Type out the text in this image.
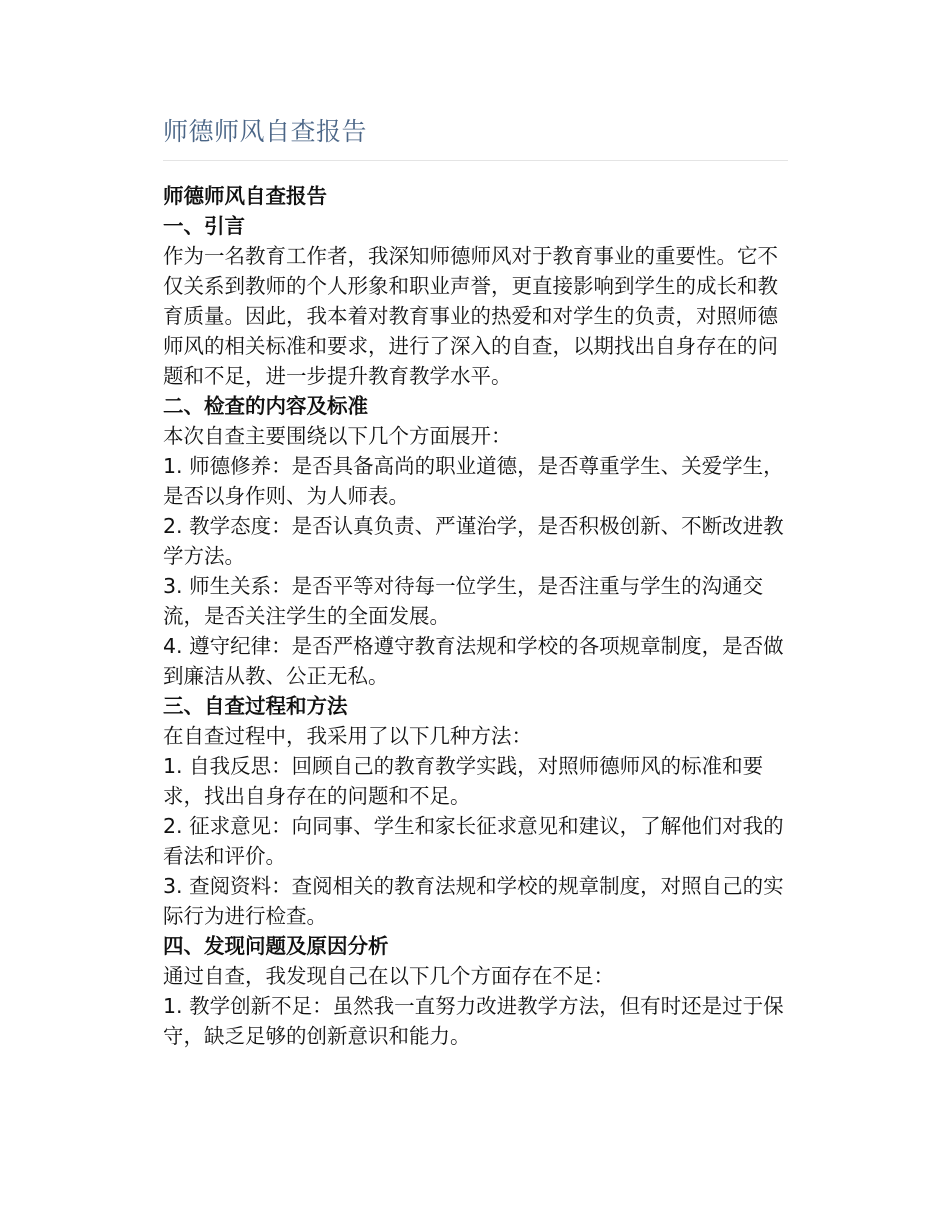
师德师风自查报告

师德师风自查报告

一、引言

作为一名教育工作者，我深知师德师风对于教育事业的重要性。它不仅关系到教师的个人形象和职业声誉，更直接影响到学生的成长和教育质量。因此，我本着对教育事业的热爱和对学生的负责，对照师德师风的相关标准和要求，进行了深入的自查，以期找出自身存在的问题和不足，进一步提升教育教学水平。

二、检查的内容及标准

本次自查主要围绕以下几个方面展开：

1. 师德修养：是否具备高尚的职业道德，是否尊重学生、关爱学生，是否以身作则、为人师表。

2. 教学态度：是否认真负责、严谨治学，是否积极创新、不断改进教学方法。

3. 师生关系：是否平等对待每一位学生，是否注重与学生的沟通交流，是否关注学生的全面发展。

4. 遵守纪律：是否严格遵守教育法规和学校的各项规章制度，是否做到廉洁从教、公正无私。

三、自查过程和方法

在自查过程中，我采用了以下几种方法：

1. 自我反思：回顾自己的教育教学实践，对照师德师风的标准和要求，找出自身存在的问题和不足。

2. 征求意见：向同事、学生和家长征求意见和建议，了解他们对我的看法和评价。

3. 查阅资料：查阅相关的教育法规和学校的规章制度，对照自己的实际行为进行检查。

四、发现问题及原因分析

通过自查，我发现自己在以下几个方面存在不足：

1. 教学创新不足：虽然我一直努力改进教学方法，但有时还是过于保守，缺乏足够的创新意识和能力。
